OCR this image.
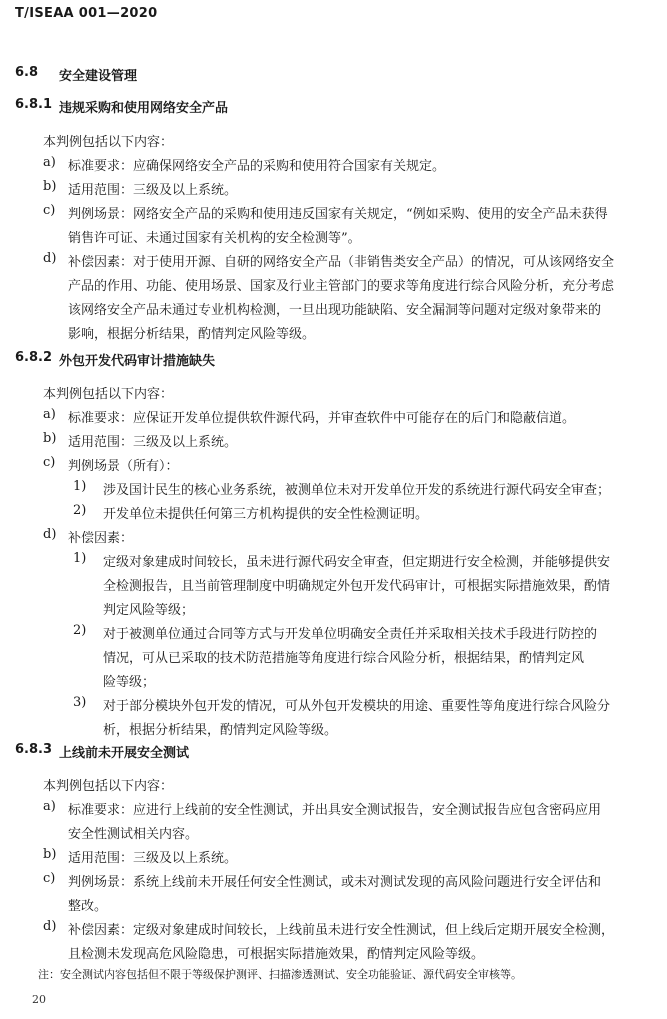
T/ISEAA 001—2020
6.8 安全建设管理
6.8.1 违规采购和使用网络安全产品
本判例包括以下内容：
a) 标准要求：应确保网络安全产品的采购和使用符合国家有关规定。
b) 适用范围：三级及以上系统。
c) 判例场景：网络安全产品的采购和使用违反国家有关规定，“例如采购、使用的安全产品未获得
销售许可证、未通过国家有关机构的安全检测等”。
d) 补偿因素：对于使用开源、自研的网络安全产品（非销售类安全产品）的情况，可从该网络安全
产品的作用、功能、使用场景、国家及行业主管部门的要求等角度进行综合风险分析，充分考虑
该网络安全产品未通过专业机构检测，一旦出现功能缺陷、安全漏洞等问题对定级对象带来的
影响，根据分析结果，酌情判定风险等级。
6.8.2 外包开发代码审计措施缺失
本判例包括以下内容：
a) 标准要求：应保证开发单位提供软件源代码，并审查软件中可能存在的后门和隐蔽信道。
b) 适用范围：三级及以上系统。
c) 判例场景（所有）：
1) 涉及国计民生的核心业务系统，被测单位未对开发单位开发的系统进行源代码安全审查；
2) 开发单位未提供任何第三方机构提供的安全性检测证明。
d) 补偿因素：
1) 定级对象建成时间较长，虽未进行源代码安全审查，但定期进行安全检测，并能够提供安
全检测报告，且当前管理制度中明确规定外包开发代码审计，可根据实际措施效果，酌情
判定风险等级；
2) 对于被测单位通过合同等方式与开发单位明确安全责任并采取相关技术手段进行防控的
情况，可从已采取的技术防范措施等角度进行综合风险分析，根据结果，酌情判定风
险等级；
3) 对于部分模块外包开发的情况，可从外包开发模块的用途、重要性等角度进行综合风险分
析，根据分析结果，酌情判定风险等级。
6.8.3 上线前未开展安全测试
本判例包括以下内容：
a) 标准要求：应进行上线前的安全性测试，并出具安全测试报告，安全测试报告应包含密码应用
安全性测试相关内容。
b) 适用范围：三级及以上系统。
c) 判例场景：系统上线前未开展任何安全性测试，或未对测试发现的高风险问题进行安全评估和
整改。
d) 补偿因素：定级对象建成时间较长，上线前虽未进行安全性测试，但上线后定期开展安全检测，
且检测未发现高危风险隐患，可根据实际措施效果，酌情判定风险等级。
注：安全测试内容包括但不限于等级保护测评、扫描渗透测试、安全功能验证、源代码安全审核等。
20
